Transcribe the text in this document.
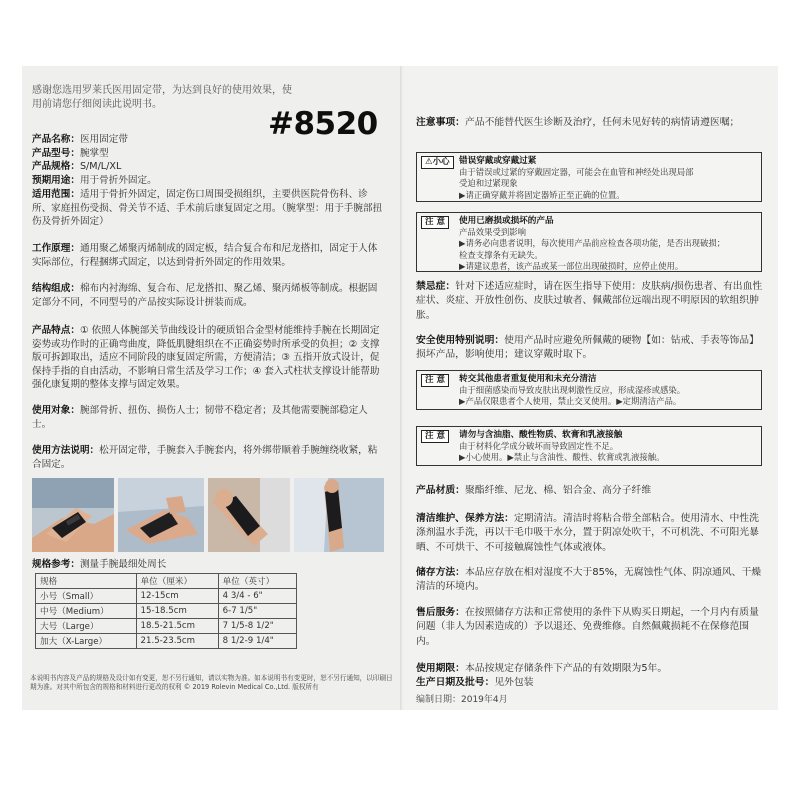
感谢您选用罗莱氏医用固定带，为达到良好的使用效果，使用前请您仔细阅读此说明书。

#8520
产品名称：医用固定带
产品型号：腕掌型
产品规格：S/M/L/XL
预期用途：用于骨折外固定。

适用范围：适用于骨折外固定，固定伤口周围受损组织，主要供医院骨伤科、诊所、家庭扭伤受损、骨关节不适、手术前后康复固定之用。（腕掌型：用于手腕部扭伤及骨折外固定）

工作原理：通用聚乙烯聚丙烯制成的固定板，结合复合布和尼龙搭扣，固定于人体实际部位，行程捆绑式固定，以达到骨折外固定的作用效果。

结构组成：棉布内衬海绵、复合布、尼龙搭扣、聚乙烯、聚丙烯板等制成。根据固定部分不同，不同型号的产品按实际设计拼装而成。

产品特点：① 依照人体腕部关节曲线设计的硬质铝合金型材能维持手腕在长期固定姿势或功作时的正确弯曲度，降低肌腱组织在不正确姿势时所承受的负担；② 支撑版可拆卸取出，适应不同阶段的康复固定所需，方便清洁；③ 五指开放式设计，促保持手指的自由活动，不影响日常生活及学习工作；④ 套入式柱状支撑设计能帮助强化康复期的整体支撑与固定效果。

使用对象：腕部骨折、扭伤、损伤人士；韧带不稳定者；及其他需要腕部稳定人士。

使用方法说明：松开固定带，手腕套入手腕套内，将外绑带顺着手腕缠绕收紧，粘合固定。

规格参考：测量手腕最细处周长

规格	单位（厘米）	单位（英寸）
小号（Small）	12-15cm	4 3/4 - 6"
中号（Medium）	15-18.5cm	6-7 1/5"
大号（Large）	18.5-21.5cm	7 1/5-8 1/2"
加大（X-Large）	21.5-23.5cm	8 1/2-9 1/4"

本说明书内容及产品的规格及设计如有变更，恕不另行通知，请以实物为准。如本说明书有变更时，恕不另行通知，以印刷日期为准。对其中所包含的规格和材料进行更改的权利 © 2019 Rolevin Medical Co.,Ltd. 版权所有

注意事项：产品不能替代医生诊断及治疗，任何未见好转的病情请遵医嘱；

⚠小心	错误穿戴或穿戴过紧
由于错误或过紧的穿戴固定器，可能会在血管和神经处出现局部
受迫和过紧现象
▶请正确穿戴并将固定器矫正至正确的位置。
注 意	使用已磨损或损坏的产品
产品效果受到影响
▶请务必向患者说明，每次使用产品前应检查各项功能，是否出现破损；
检查支撑条有无缺失。
▶请建议患者，该产品或某一部位出现破损时，应停止使用。

禁忌症：针对下述适应症时，请在医生指导下使用：皮肤病/损伤患者、有出血性症状、炎症、开放性创伤、皮肤过敏者、佩戴部位远端出现不明原因的软组织肿胀。

安全使用特别说明：使用产品时应避免所佩戴的硬物【如：钻戒、手表等饰品】损坏产品，影响使用；建议穿戴时取下。

注 意	转交其他患者重复使用和未充分清洁
由于细菌感染而导致皮肤出现刺激性反应，形成湿疹或感染。
▶产品仅限患者个人使用，禁止交叉使用。▶定期清洁产品。
注 意	请勿与含油脂、酸性物质、软膏和乳液接触
由于材料化学成分破坏而导致固定性不足。
▶小心使用。▶禁止与含油性、酸性、软膏或乳液接触。

产品材质：聚酯纤维、尼龙、棉、铝合金、高分子纤维

清洁维护、保养方法：定期清洁。清洁时将粘合带全部粘合。使用清水、中性洗涤剂温水手洗，再以干毛巾吸干水分，置于阴凉处吹干，不可机洗、不可阳光暴晒、不可烘干、不可接触腐蚀性气体或液体。

储存方法：本品应存放在相对湿度不大于85%，无腐蚀性气体、阴凉通风、干燥清洁的环境内。

售后服务：在按照储存方法和正常使用的条件下从购买日期起，一个月内有质量问题（非人为因素造成的）予以退还、免费维修。自然佩戴损耗不在保修范围内。

使用期限：本品按规定存储条件下产品的有效期限为5年。

生产日期及批号：见外包装

编制日期：2019年4月
